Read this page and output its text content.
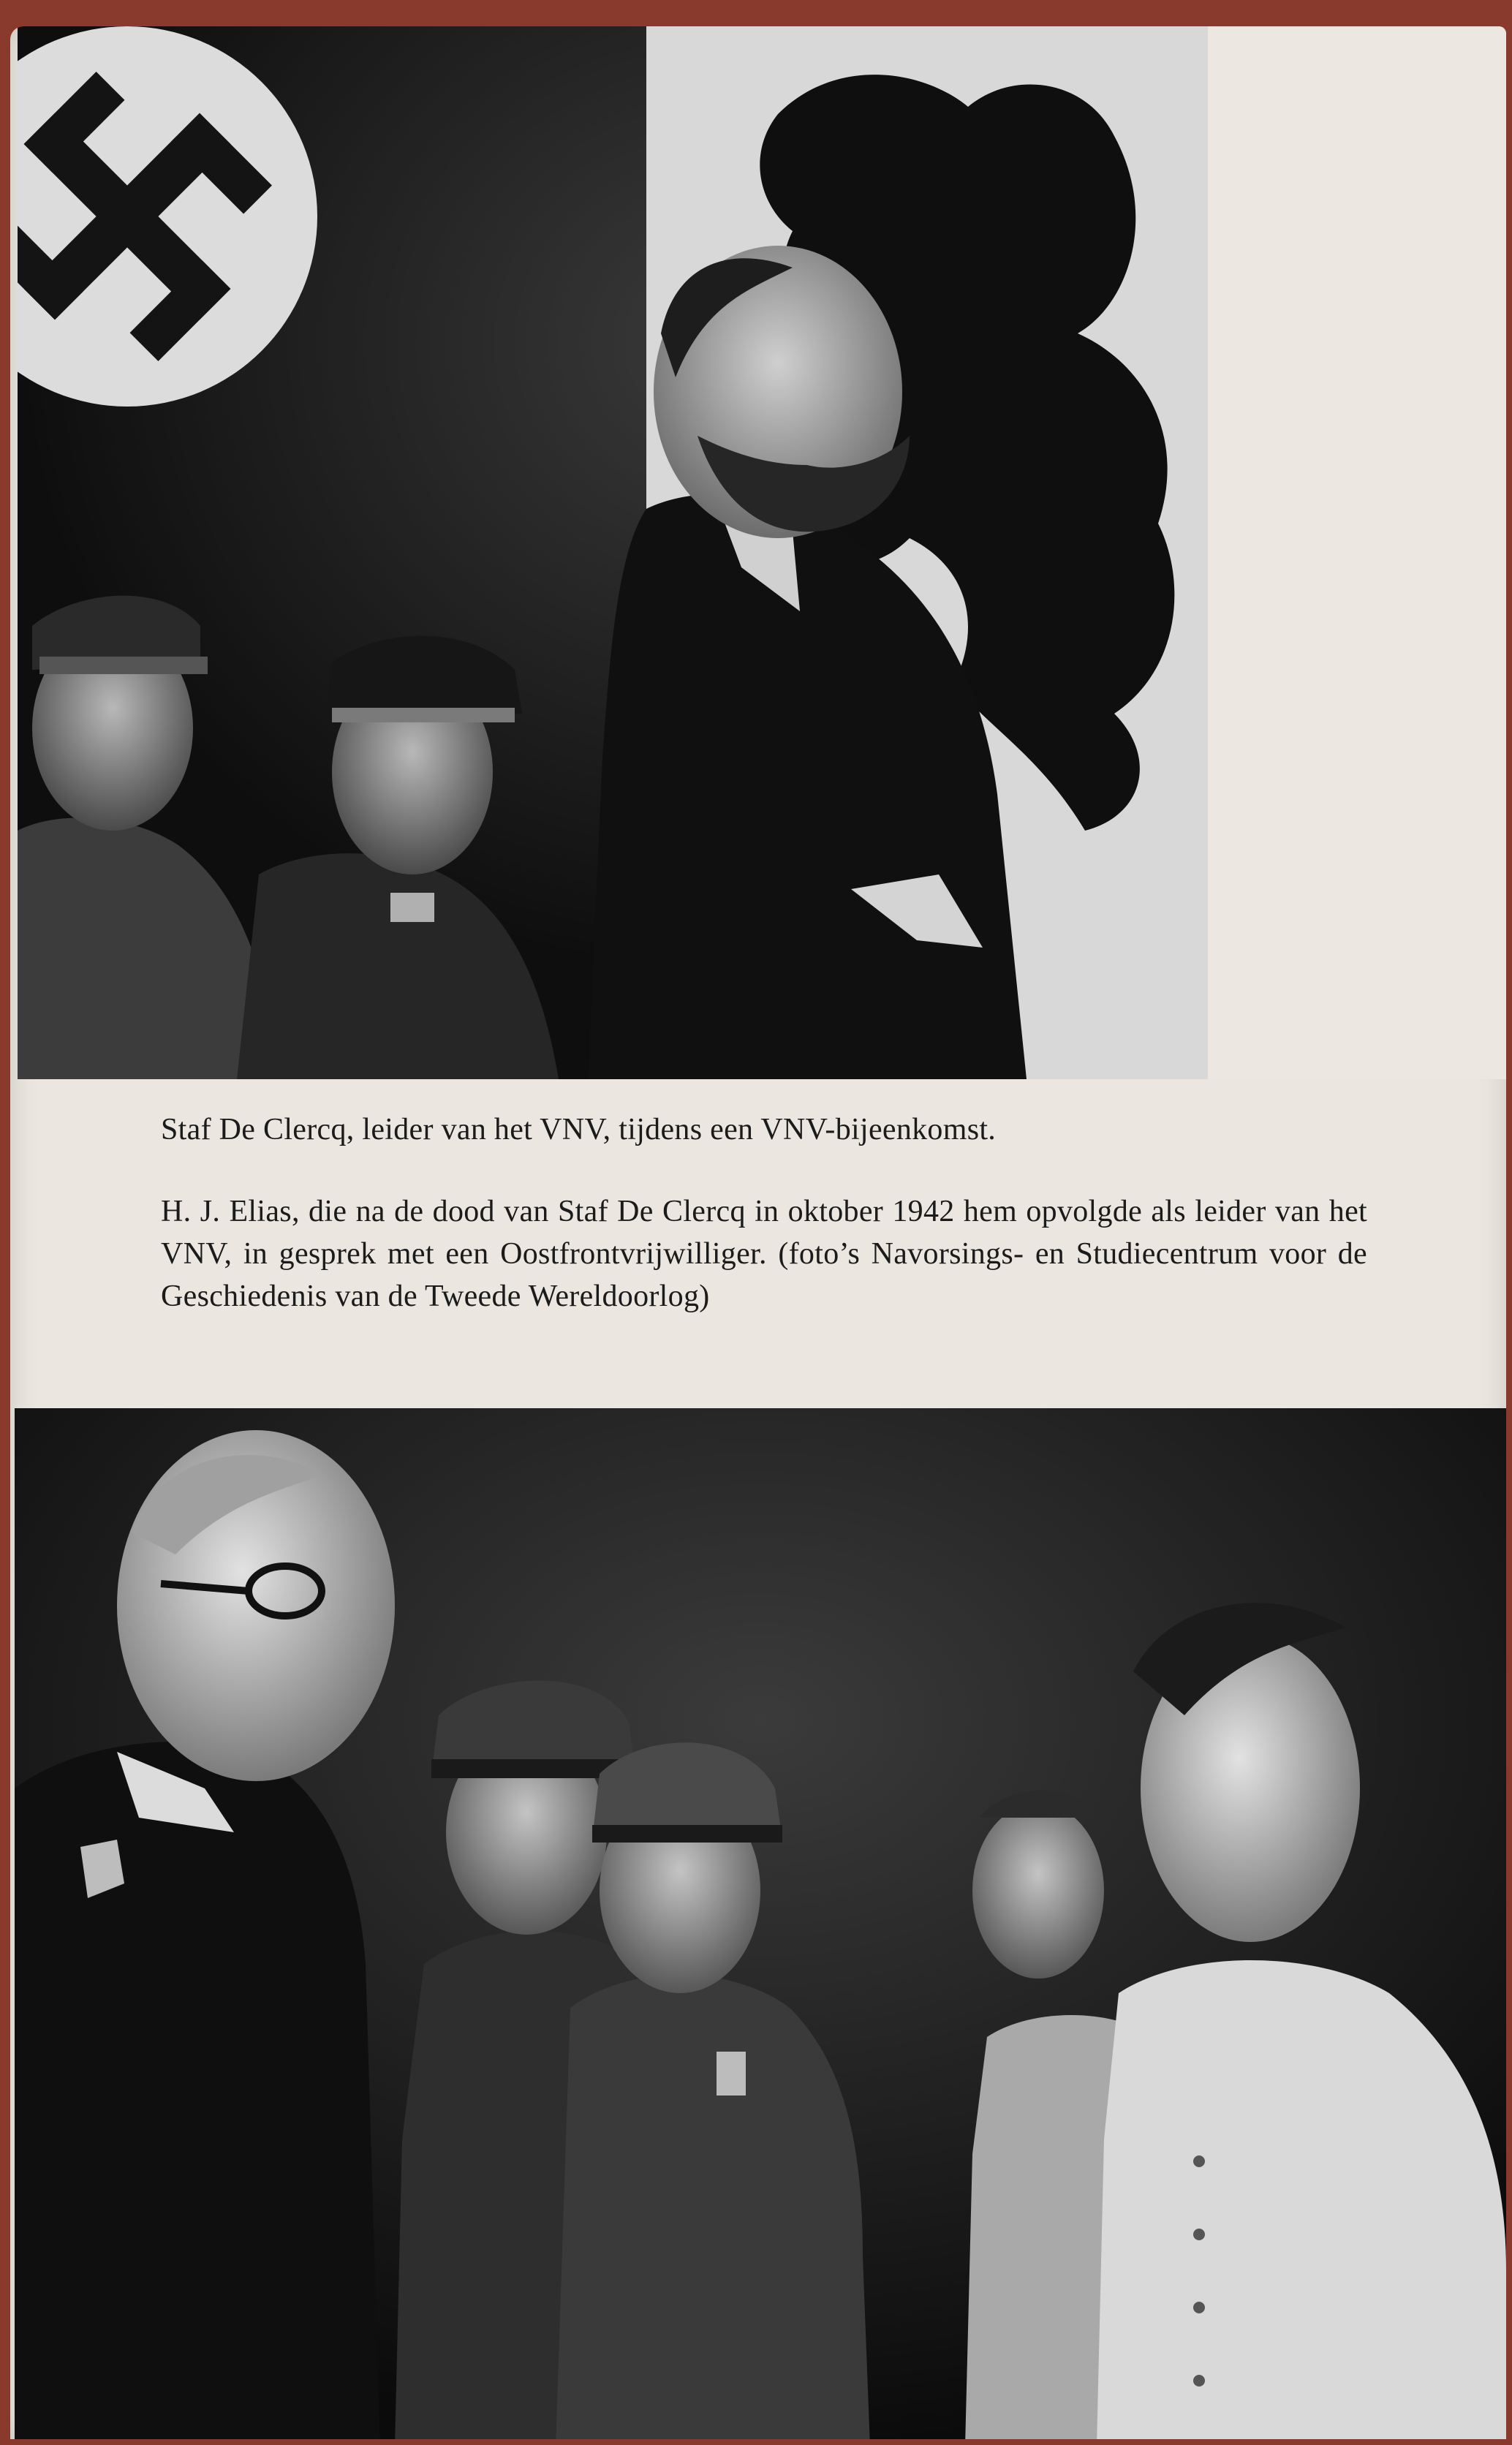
Staf De Clercq, leider van het VNV, tijdens een VNV-bijeenkomst.
H. J. Elias, die na de dood van Staf De Clercq in oktober 1942 hem opvolgde als leider van het VNV, in gesprek met een Oostfrontvrijwilliger. (foto’s Navorsings- en Studiecentrum voor de Geschiedenis van de Tweede Wereldoorlog)
